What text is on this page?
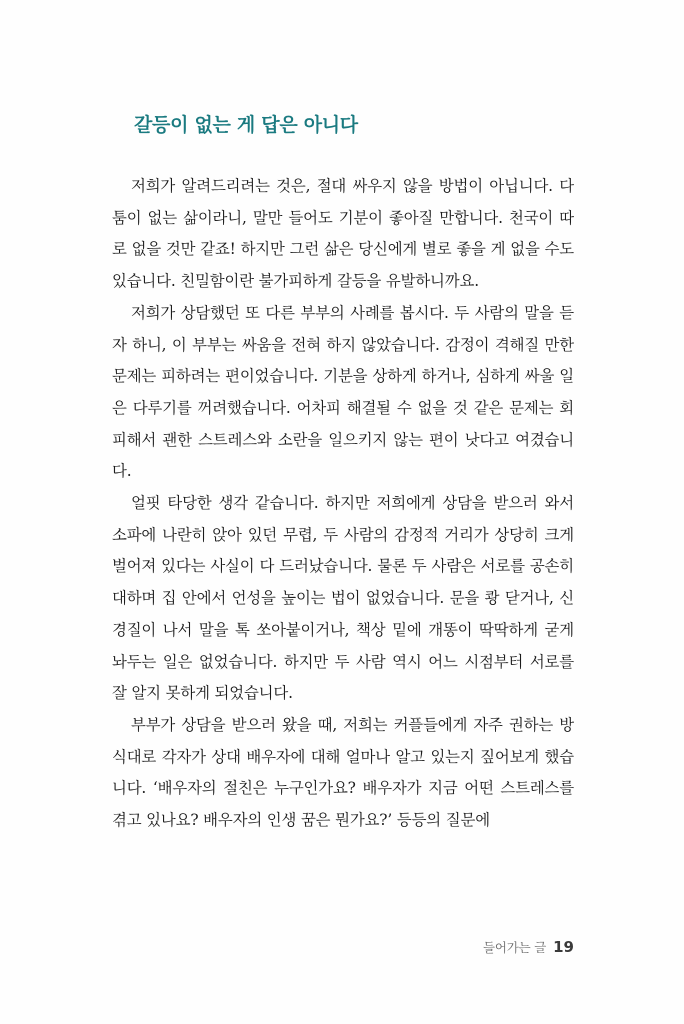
갈등이 없는 게 답은 아니다

저희가 알려드리려는 것은, 절대 싸우지 않을 방법이 아닙니다. 다툼이 없는 삶이라니, 말만 들어도 기분이 좋아질 만합니다. 천국이 따로 없을 것만 같죠! 하지만 그런 삶은 당신에게 별로 좋을 게 없을 수도 있습니다. 친밀함이란 불가피하게 갈등을 유발하니까요.

저희가 상담했던 또 다른 부부의 사례를 봅시다. 두 사람의 말을 듣자 하니, 이 부부는 싸움을 전혀 하지 않았습니다. 감정이 격해질 만한 문제는 피하려는 편이었습니다. 기분을 상하게 하거나, 심하게 싸울 일은 다루기를 꺼려했습니다. 어차피 해결될 수 없을 것 같은 문제는 회피해서 괜한 스트레스와 소란을 일으키지 않는 편이 낫다고 여겼습니다.

얼핏 타당한 생각 같습니다. 하지만 저희에게 상담을 받으러 와서 소파에 나란히 앉아 있던 무렵, 두 사람의 감정적 거리가 상당히 크게 벌어져 있다는 사실이 다 드러났습니다. 물론 두 사람은 서로를 공손히 대하며 집 안에서 언성을 높이는 법이 없었습니다. 문을 쾅 닫거나, 신경질이 나서 말을 톡 쏘아붙이거나, 책상 밑에 개똥이 딱딱하게 굳게 놔두는 일은 없었습니다. 하지만 두 사람 역시 어느 시점부터 서로를 잘 알지 못하게 되었습니다.

부부가 상담을 받으러 왔을 때, 저희는 커플들에게 자주 권하는 방식대로 각자가 상대 배우자에 대해 얼마나 알고 있는지 짚어보게 했습니다. ‘배우자의 절친은 누구인가요? 배우자가 지금 어떤 스트레스를 겪고 있나요? 배우자의 인생 꿈은 뭔가요?’ 등등의 질문에

들어가는 글 19
